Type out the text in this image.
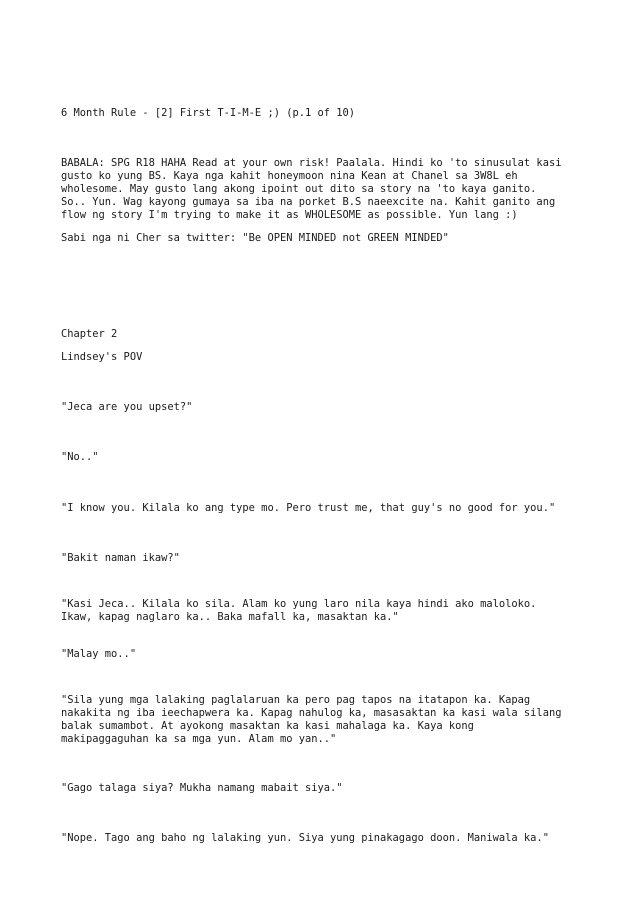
6 Month Rule - [2] First T-I-M-E ;) (p.1 of 10)

BABALA: SPG R18 HAHA Read at your own risk! Paalala. Hindi ko 'to sinusulat kasi

gusto ko yung BS. Kaya nga kahit honeymoon nina Kean at Chanel sa 3W8L eh

wholesome. May gusto lang akong ipoint out dito sa story na 'to kaya ganito.

So.. Yun. Wag kayong gumaya sa iba na porket B.S naeexcite na. Kahit ganito ang

flow ng story I'm trying to make it as WHOLESOME as possible. Yun lang :)

Sabi nga ni Cher sa twitter: "Be OPEN MINDED not GREEN MINDED"

Chapter 2

Lindsey's POV

"Jeca are you upset?"

"No.."

"I know you. Kilala ko ang type mo. Pero trust me, that guy's no good for you."

"Bakit naman ikaw?"

"Kasi Jeca.. Kilala ko sila. Alam ko yung laro nila kaya hindi ako maloloko.

Ikaw, kapag naglaro ka.. Baka mafall ka, masaktan ka."

"Malay mo.."

"Sila yung mga lalaking paglalaruan ka pero pag tapos na itatapon ka. Kapag

nakakita ng iba ieechapwera ka. Kapag nahulog ka, masasaktan ka kasi wala silang

balak sumambot. At ayokong masaktan ka kasi mahalaga ka. Kaya kong

makipaggaguhan ka sa mga yun. Alam mo yan.."

"Gago talaga siya? Mukha namang mabait siya."

"Nope. Tago ang baho ng lalaking yun. Siya yung pinakagago doon. Maniwala ka."
